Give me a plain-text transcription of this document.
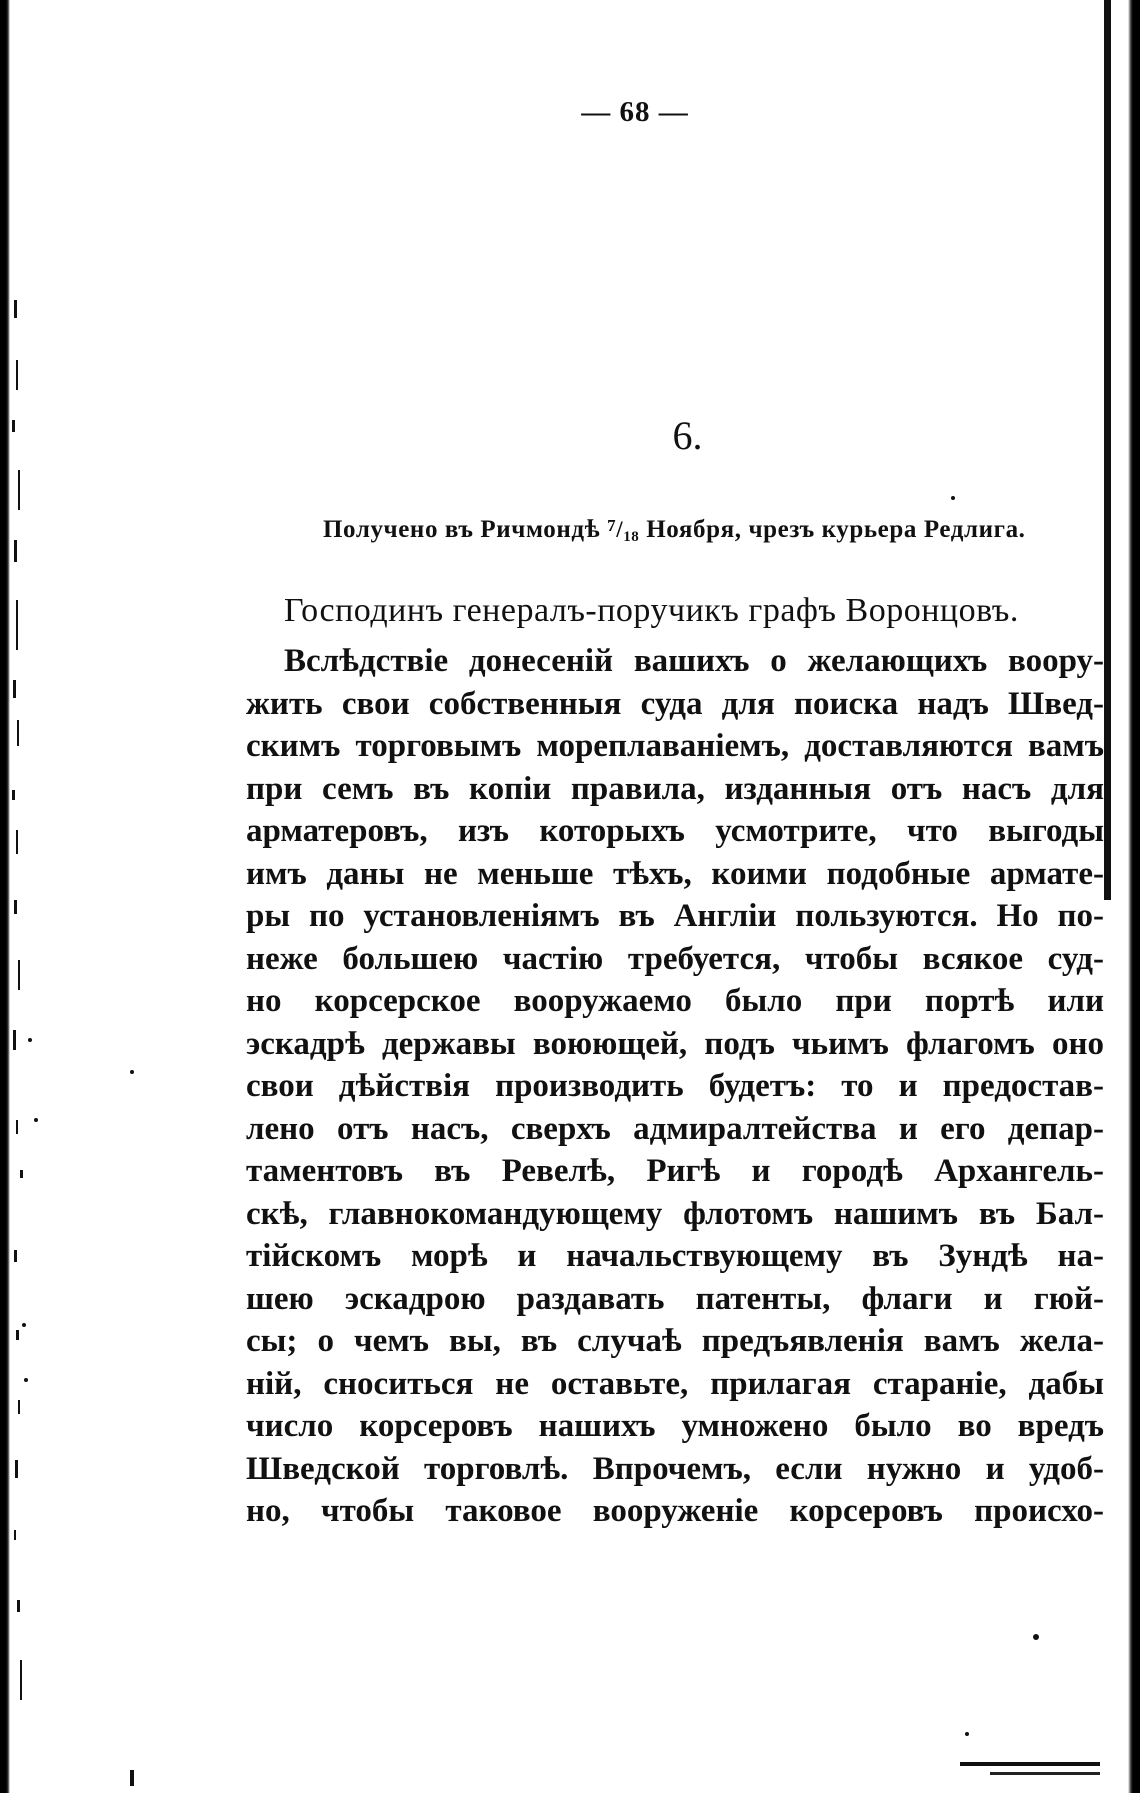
— 68 —
6.
Получено въ Ричмондѣ $^7/_{18}$ Ноября, чрезъ курьера Редлига.
Господинъ генералъ-поручикъ графъ Воронцовъ.
Вслѣдствіе донесеній вашихъ о желающихъ воору-
жить свои собственныя суда для поиска надъ Швед-
скимъ торговымъ мореплаваніемъ, доставляются вамъ
при семъ въ копіи правила, изданныя отъ насъ для
арматеровъ, изъ которыхъ усмотрите, что выгоды
имъ даны не меньше тѣхъ, коими подобные армате-
ры по установленіямъ въ Англіи пользуются. Но по-
неже большею частію требуется, чтобы всякое суд-
но корсерское вооружаемо было при портѣ или
эскадрѣ державы воюющей, подъ чьимъ флагомъ оно
свои дѣйствія производить будетъ: то и предостав-
лено отъ насъ, сверхъ адмиралтейства и его депар-
таментовъ въ Ревелѣ, Ригѣ и городѣ Архангель-
скѣ, главнокомандующему флотомъ нашимъ въ Бал-
тійскомъ морѣ и начальствующему въ Зундѣ на-
шею эскадрою раздавать патенты, флаги и гюй-
сы; о чемъ вы, въ случаѣ предъявленія вамъ жела-
ній, сноситься не оставьте, прилагая стараніе, дабы
число корсеровъ нашихъ умножено было во вредъ
Шведской торговлѣ. Впрочемъ, если нужно и удоб-
но, чтобы таковое вооруженіе корсеровъ происхо-
